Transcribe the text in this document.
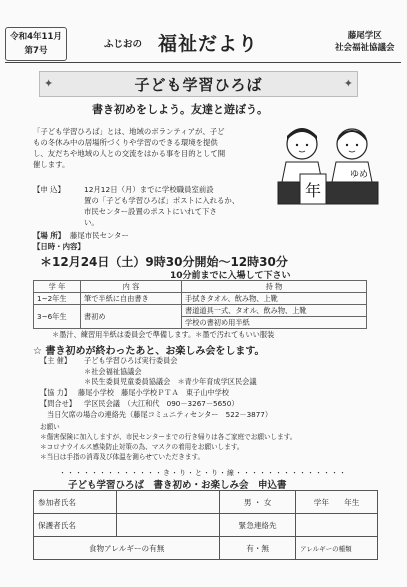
令和4年11月
第7号
ふじおの 福祉だより	藤尾学区
社会福祉協議会
✦	子ども学習ひろば	✦
書き初めをしよう。友達と遊ぼう。
「子ども学習ひろば」とは、地域のボランティアが、子ど
もの冬休み中の居場所づくりや学習のできる環境を提供
し、友だちや地域の人との交流をはかる事を目的として開
催します。
年
ゆめ
【申 込】	12月12日（月）までに学校職員室前設
置の「子ども学習ひろば」ポストに入れるか、
市民センター設置のポストにいれて下さ
い。
【場 所】 藤尾市民センター
【日時・内容】
＊12月24日（土）9時30分開始～12時30分
10分前までに入場して下さい
学 年	内 容	持 物
1~2年生	筆で半紙に自由書き	手拭きタオル、飲み物、上靴
3~6年生	書初め	書道道具一式、タオル、飲み物、上靴
		学校の書初め用半紙
＊墨汁、練習用半紙は委員会で準備します。＊墨で汚れてもいい服装
☆ 書き初めが終わったあと、お楽しみ会をします。
【主 催】 子ども学習ひろば実行委員会
＊社会福祉協議会
＊民生委員児童委員協議会　＊青少年育成学区民会議
【協 力】 藤尾小学校　藤尾小学校ＰＴＡ　東子山中学校
【問合せ】 学区民会議　（大江和代　090－3267－5650）
当日欠席の場合の連絡先（藤尾コミュニティセンター　522－3877）
お願い
＊傷害保険に加入しますが、市民センターまでの行き帰りは各ご家庭でお願いします。
＊コロナウイルス感染防止対策の為、マスクの着用をお願いします。
＊当日は手指の消毒及び体温を測らせていただきます。
・・・・・・・・・・・・・き・り・と・り・線・・・・・・・・・・・・・・
子ども学習ひろば　書き初め・お楽しみ会　申込書
参加者氏名		男 ・ 女	学年　　年生
保護者氏名		緊急連絡先	
食物アレルギーの有無		有・無	アレルギーの種類
